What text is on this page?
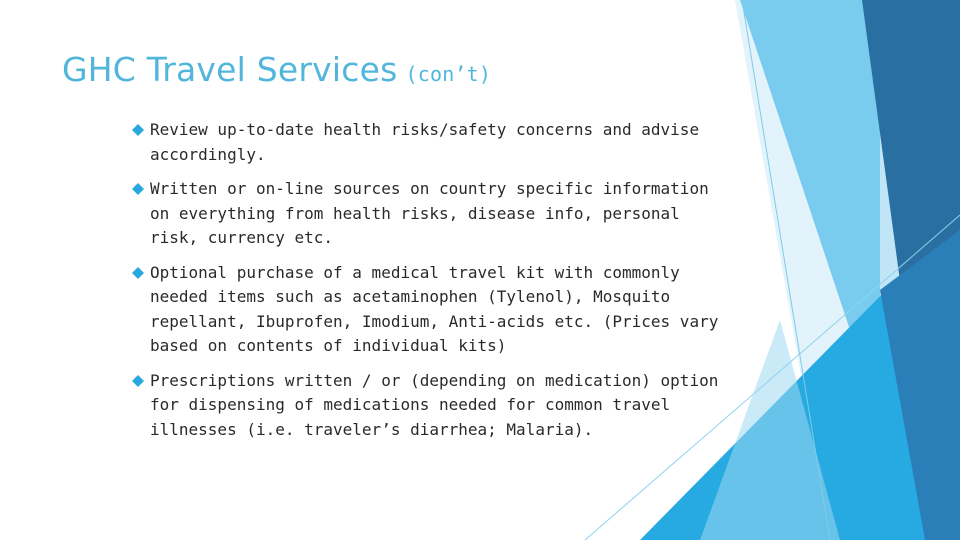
GHC Travel Services (con’t)
Review up-to-date health risks/safety concerns and advise accordingly.
Written or on-line sources on country specific information on everything from health risks, disease info, personal risk, currency etc.
Optional purchase of a medical travel kit with commonly needed items such as acetaminophen (Tylenol), Mosquito repellant, Ibuprofen, Imodium, Anti-acids etc. (Prices vary based on contents of individual kits)
Prescriptions written / or (depending on medication) option for dispensing of medications needed for common travel illnesses (i.e. traveler’s diarrhea; Malaria).
